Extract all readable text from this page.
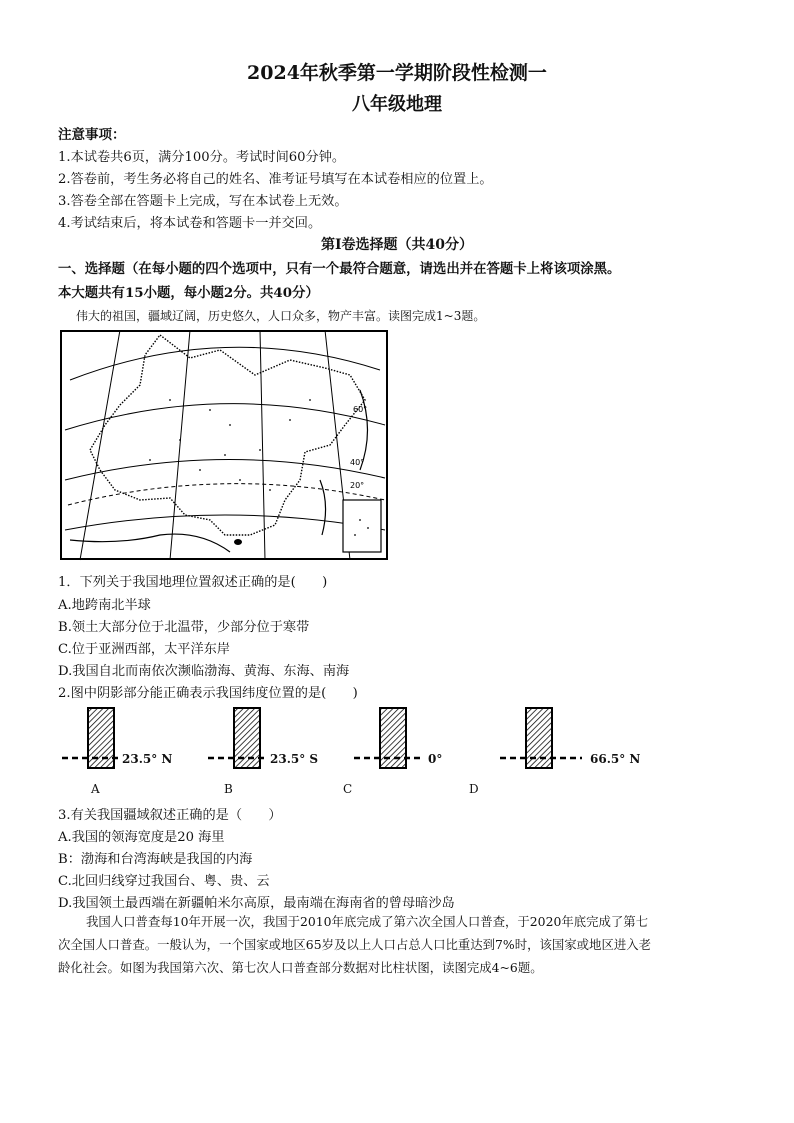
2024年秋季第一学期阶段性检测一
八年级地理
注意事项：
1.本试卷共6页，满分100分。考试时间60分钟。
2.答卷前，考生务必将自己的姓名、准考证号填写在本试卷相应的位置上。
3.答卷全部在答题卡上完成，写在本试卷上无效。
4.考试结束后，将本试卷和答题卡一并交回。
第Ⅰ卷选择题（共40分）
一、选择题（在每小题的四个选项中，只有一个最符合题意，请选出并在答题卡上将该项涂黑。
本大题共有15小题，每小题2分。共40分）
伟大的祖国，疆域辽阔，历史悠久，人口众多，物产丰富。读图完成1~3题。
60°
40°
20°
1．下列关于我国地理位置叙述正确的是(　　)
A.地跨南北半球
B.领土大部分位于北温带，少部分位于寒带
C.位于亚洲西部，太平洋东岸
D.我国自北而南依次濒临渤海、黄海、东海、南海
2.图中阴影部分能正确表示我国纬度位置的是(　　)
23.5° N	23.5° S	0°	66.5° N
A	B	C	D
3.有关我国疆域叙述正确的是（　　）
A.我国的领海宽度是20 海里
B：渤海和台湾海峡是我国的内海
C.北回归线穿过我国台、粤、贵、云
D.我国领土最西端在新疆帕米尔高原，最南端在海南省的曾母暗沙岛
我国人口普查每10年开展一次，我国于2010年底完成了第六次全国人口普查，于2020年底完成了第七
次全国人口普查。一般认为，一个国家或地区65岁及以上人口占总人口比重达到7%时，该国家或地区进入老
龄化社会。如图为我国第六次、第七次人口普查部分数据对比柱状图，读图完成4~6题。
